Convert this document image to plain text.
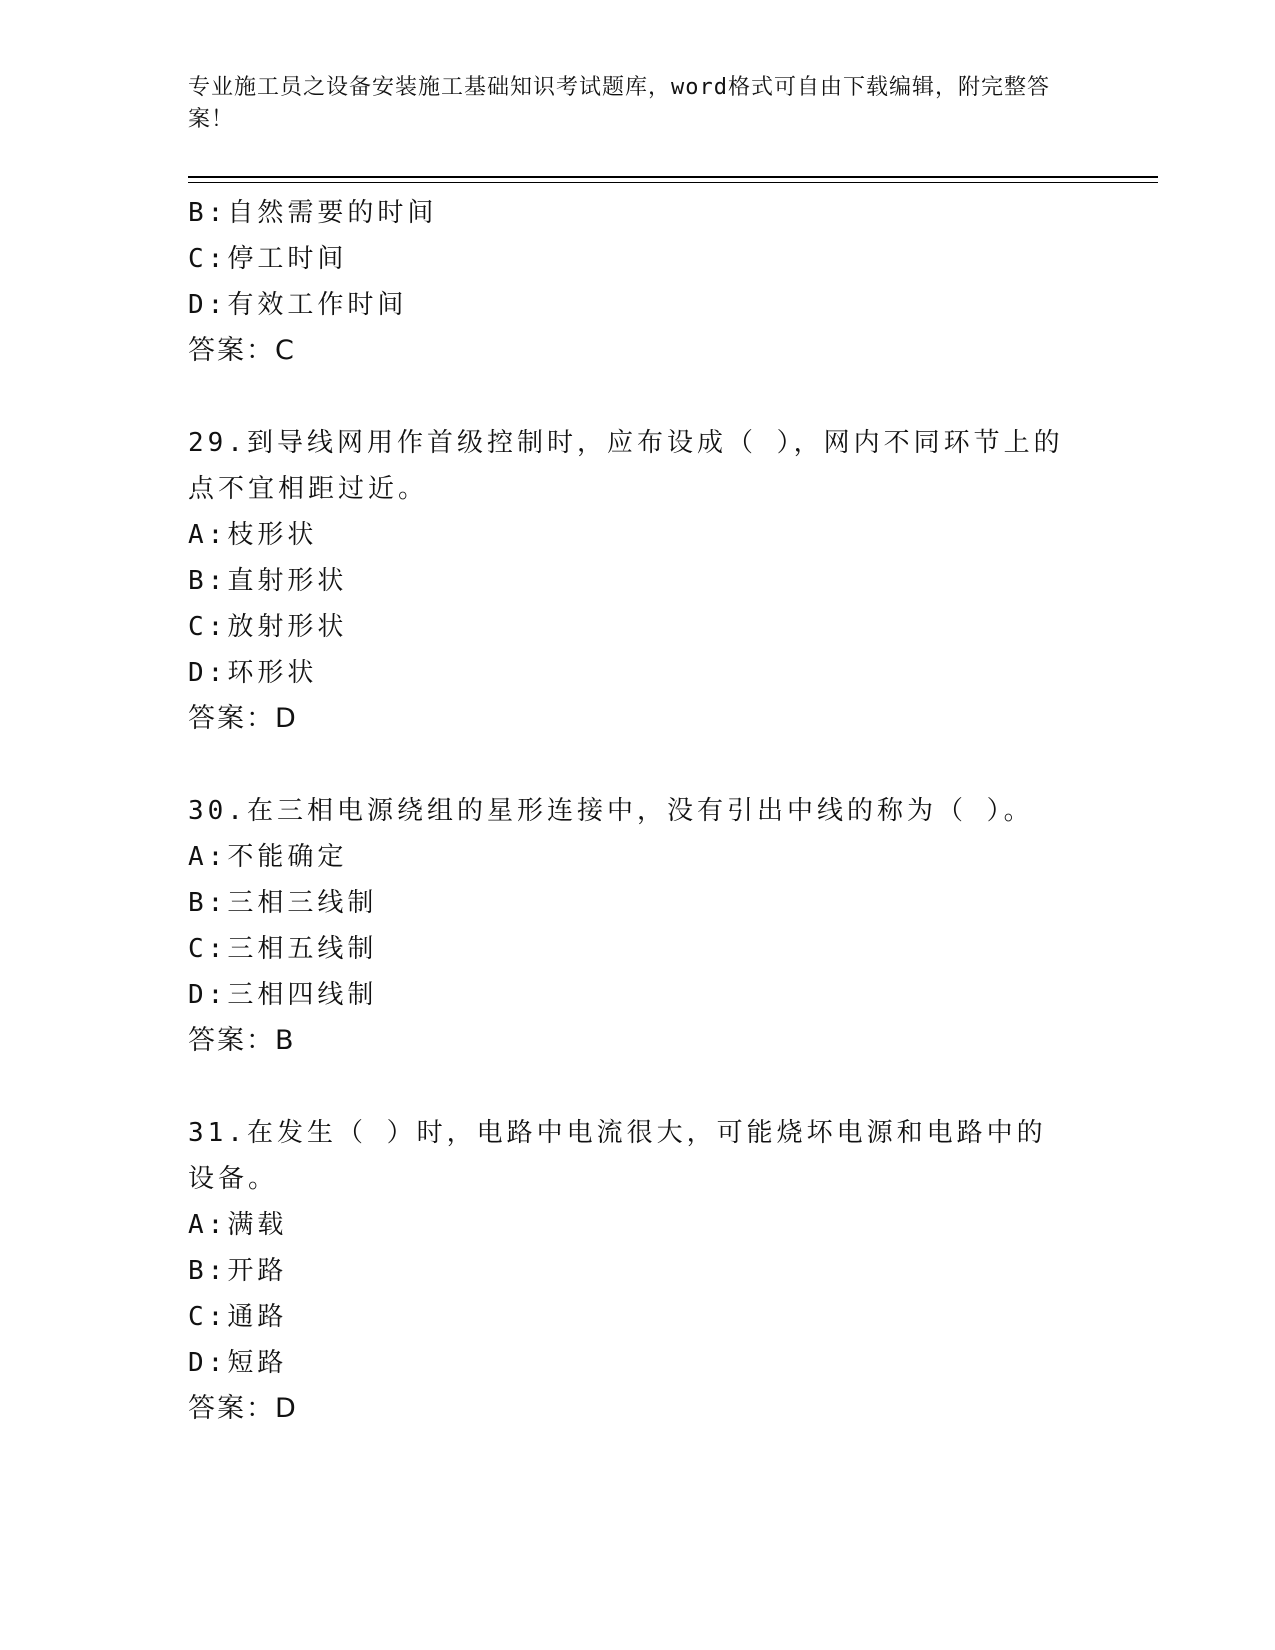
专业施工员之设备安装施工基础知识考试题库，word格式可自由下载编辑，附完整答案！
B:自然需要的时间
C:停工时间
D:有效工作时间
答案：C
29.到导线网用作首级控制时，应布设成（ ），网内不同环节上的点不宜相距过近。
A:枝形状
B:直射形状
C:放射形状
D:环形状
答案：D
30.在三相电源绕组的星形连接中，没有引出中线的称为（ ）。
A:不能确定
B:三相三线制
C:三相五线制
D:三相四线制
答案：B
31.在发生（ ）时，电路中电流很大，可能烧坏电源和电路中的设备。
A:满载
B:开路
C:通路
D:短路
答案：D
